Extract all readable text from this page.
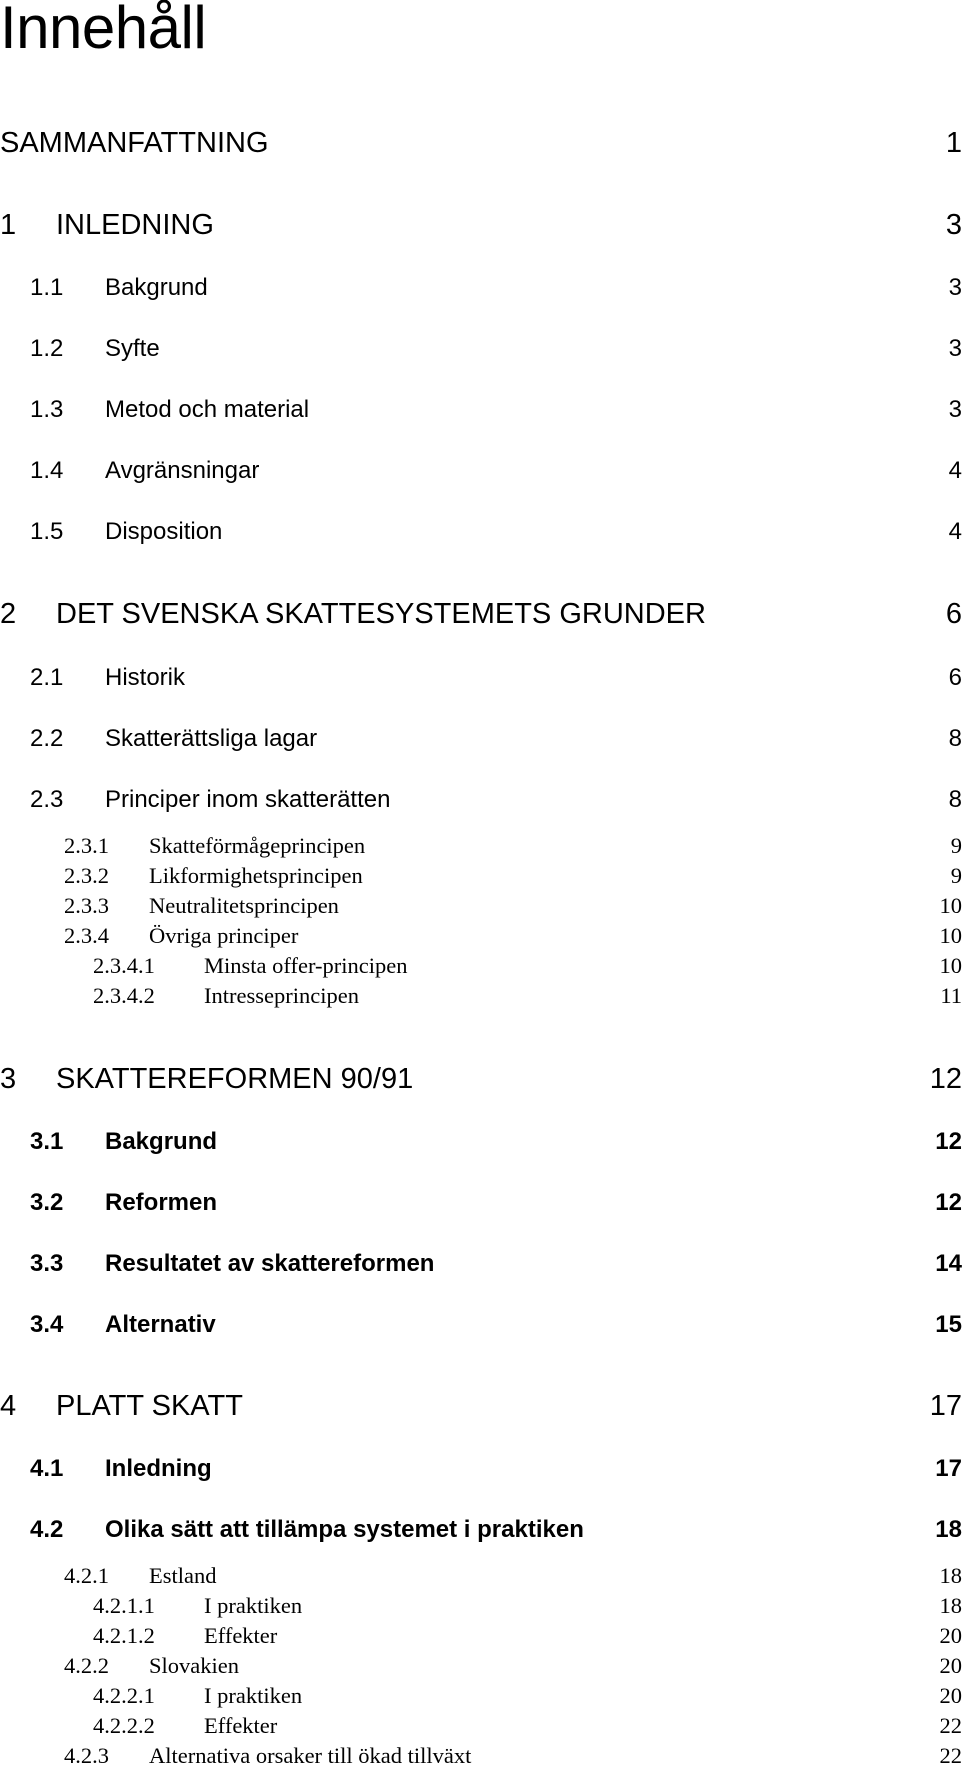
Innehåll
SAMMANFATTNING	1
1 INLEDNING	3
1.1 Bakgrund	3
1.2 Syfte	3
1.3 Metod och material	3
1.4 Avgränsningar	4
1.5 Disposition	4
2 DET SVENSKA SKATTESYSTEMETS GRUNDER	6
2.1 Historik	6
2.2 Skatterättsliga lagar	8
2.3 Principer inom skatterätten	8
2.3.1 Skatteförmågeprincipen	9
2.3.2 Likformighetsprincipen	9
2.3.3 Neutralitetsprincipen	10
2.3.4 Övriga principer	10
2.3.4.1 Minsta offer-principen	10
2.3.4.2 Intresseprincipen	11
3 SKATTEREFORMEN 90/91	12
3.1 Bakgrund	12
3.2 Reformen	12
3.3 Resultatet av skattereformen	14
3.4 Alternativ	15
4 PLATT SKATT	17
4.1 Inledning	17
4.2 Olika sätt att tillämpa systemet i praktiken	18
4.2.1 Estland	18
4.2.1.1 I praktiken	18
4.2.1.2 Effekter	20
4.2.2 Slovakien	20
4.2.2.1 I praktiken	20
4.2.2.2 Effekter	22
4.2.3 Alternativa orsaker till ökad tillväxt	22
